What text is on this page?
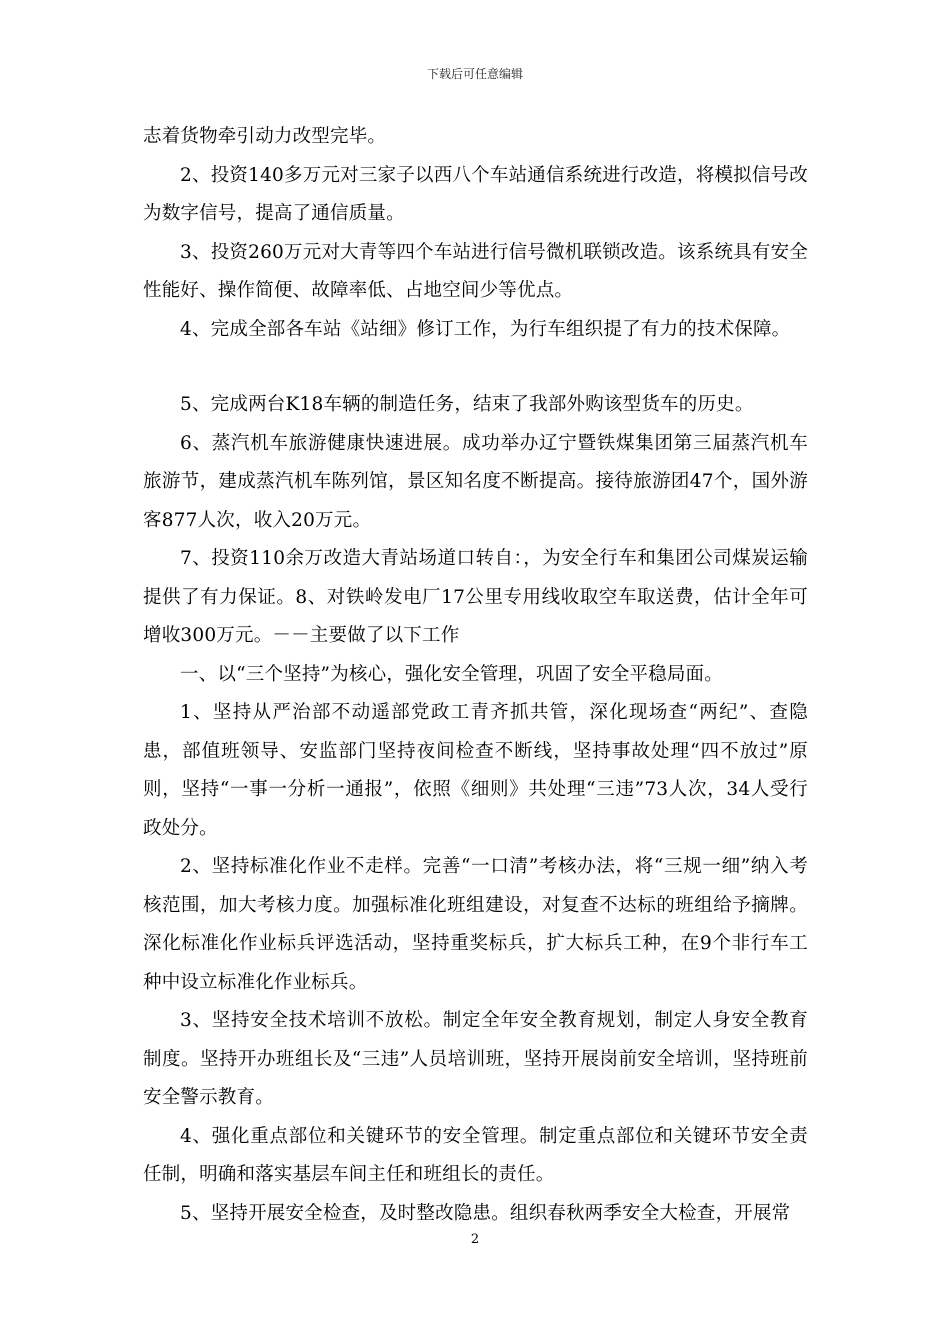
下载后可任意编辑

志着货物牵引动力改型完毕。

2、投资140多万元对三家子以西八个车站通信系统进行改造，将模拟信号改为数字信号，提高了通信质量。

3、投资260万元对大青等四个车站进行信号微机联锁改造。该系统具有安全性能好、操作简便、故障率低、占地空间少等优点。

4、完成全部各车站《站细》修订工作，为行车组织提了有力的技术保障。

5、完成两台K18车辆的制造任务，结束了我部外购该型货车的历史。

6、蒸汽机车旅游健康快速进展。成功举办辽宁暨铁煤集团第三届蒸汽机车旅游节，建成蒸汽机车陈列馆，景区知名度不断提高。接待旅游团47个，国外游客877人次，收入20万元。

7、投资110余万改造大青站场道口转自：，为安全行车和集团公司煤炭运输提供了有力保证。8、对铁岭发电厂17公里专用线收取空车取送费，估计全年可增收300万元。－－主要做了以下工作

一、以“三个坚持”为核心，强化安全管理，巩固了安全平稳局面。

1、坚持从严治部不动遥部党政工青齐抓共管，深化现场查“两纪”、查隐患，部值班领导、安监部门坚持夜间检查不断线，坚持事故处理“四不放过”原则，坚持“一事一分析一通报”，依照《细则》共处理“三违”73人次，34人受行政处分。

2、坚持标准化作业不走样。完善“一口清”考核办法，将“三规一细”纳入考核范围，加大考核力度。加强标准化班组建设，对复查不达标的班组给予摘牌。深化标准化作业标兵评选活动，坚持重奖标兵，扩大标兵工种，在9个非行车工种中设立标准化作业标兵。

3、坚持安全技术培训不放松。制定全年安全教育规划，制定人身安全教育制度。坚持开办班组长及“三违”人员培训班，坚持开展岗前安全培训，坚持班前安全警示教育。

4、强化重点部位和关键环节的安全管理。制定重点部位和关键环节安全责任制，明确和落实基层车间主任和班组长的责任。

5、坚持开展安全检查，及时整改隐患。组织春秋两季安全大检查，开展常

2
